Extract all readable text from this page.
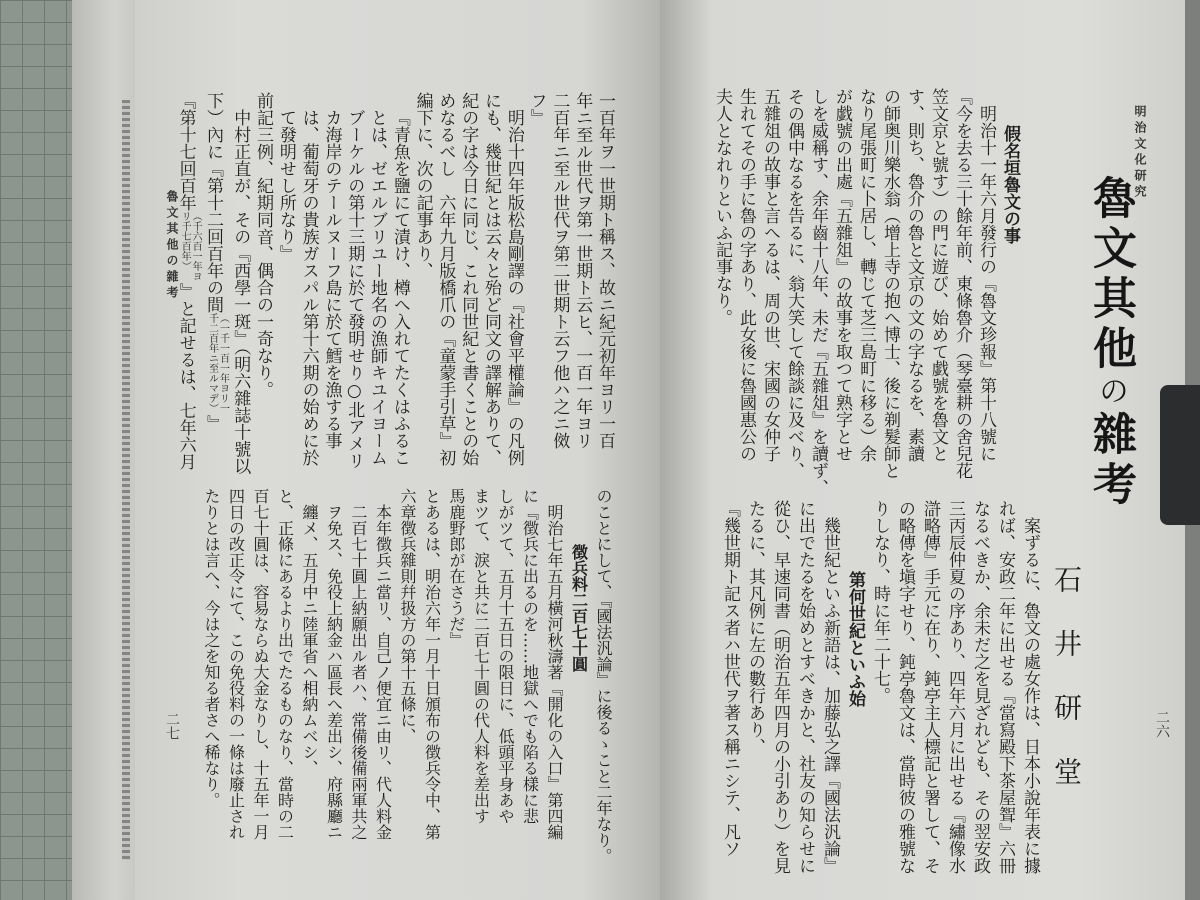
明治文化研究
魯文其他の雜考
石井研堂	二六
假名垣魯文の事
明治十一年六月發行の『魯文珍報』第十八號に
『今を去る三十餘年前、東條魯介（琴臺耕の舍兒花
笠文京と號す）の門に遊び、始めて戯號を魯文と
す、則ち、魯介の魯と文京の文の字なるを、素讀
の師奥川樂水翁（增上寺の抱へ博士、後に剃髮師と
なり尾張町に卜居し、轉じて芝三島町に移る）余
が戯號の出處『五雜俎』の故事を取つて熟字とせ
しを威稱す、余年齒十八年、未だ『五雜俎』を讀ず、
その偶中なるを告るに、翁大笑して餘談に及べり、
五雜俎の故事と言へるは、周の世、宋國の女仲子
生れてその手に魯の字あり、此女後に魯國惠公の
夫人となれりといふ記事なり。
案ずるに、魯文の處女作は、日本小說年表に據
れば、安政二年に出せる『當寫殿下茶屋聟』六冊
なるべきか、余未だ之を見ざれども、その翌安政
三丙辰仲夏の序あり、四年六月に出せる『繡像水
滸略傳』手元に在り、鈍亭主人標記と署して、そ
の略傳を塡字せり、鈍亭魯文は、當時彼の雅號な
りしなり、時に年二十七。
第何世紀といふ始
幾世紀といふ新語は、加藤弘之譯『國法汎論』
に出でたるを始めとすべきかと、社友の知らせに
從ひ、早速同書（明治五年四月の小引あり）を見
たるに、其凡例に左の數行あり、
『幾世期ト記ス者ハ世代ヲ著ス稱ニシテ、凡ソ
魯文其他の雜考
二七
一百年ヲ一世期ト稱ス、故ニ紀元初年ヨリ一百
年ニ至ル世代ヲ第一世期ト云ヒ、一百一年ヨリ
二百年ニ至ル世代ヲ第二世期ト云フ他ハ之ニ傚
フ』
明治十四年版松島剛譯の『社會平權論』の凡例
にも、幾世紀とは云々と殆ど同文の譯解ありて、
紀の字は今日に同じ、これ同世紀と書くことの始
めなるべし　六年九月版橋爪の『童蒙手引草』初
編下に、次の記事あり、
『青魚を鹽にて漬け、樽へ入れてたくはふるこ
とは、ゼエルブリユー地名の漁師キユイヨーム
ブーケルの第十三期に於て發明せり○北アメリ
カ海岸のテールヌーフ島に於て鱈を漁する事
は、葡萄牙の貴族ガスパル第十六期の始めに於
て發明せし所なり』
前記三例、紀期同音、偶合の一奇なり。
中村正直が、その『西學一斑』（明六雜誌十號以
下）內に『第十二回百年の間（一千一百一年ヨリ一千二百年ニ至ルマデ）』
『第十七回百年（千六百一年ヨリ千七百年）』と記せるは、七年六月
のことにして、『國法汎論』に後るゝこと二年なり。
徴兵料二百七十圓
明治七年五月橫河秋濤著『開化の入口』第四編
に『徴兵に出るのを……地獄へでも陷る樣に悲
しがツて、五月十五日の限日に、低頭平身あや
まツて、淚と共に二百七十圓の代人料を差出す
馬鹿野郎が在さうだ』
とあるは、明治六年一月十日頒布の徴兵令中、第
六章徴兵雜則幷扱方の第十五條に、
本年徴兵ニ當リ、自己ノ便宜ニ由リ、代人料金
二百七十圓上納願出ル者ハ、常備後備兩軍共之
ヲ免ス、免役上納金ハ區長へ差出シ、府縣廳ニ
纏メ、五月中ニ陸軍省へ相納ムベシ、
と、正條にあるより出でたるものなり、當時の二
百七十圓は、容易ならぬ大金なりし、十五年一月
四日の改正令にて、この免役料の一條は廢止され
たりとは言へ、今は之を知る者さへ稀なり。
